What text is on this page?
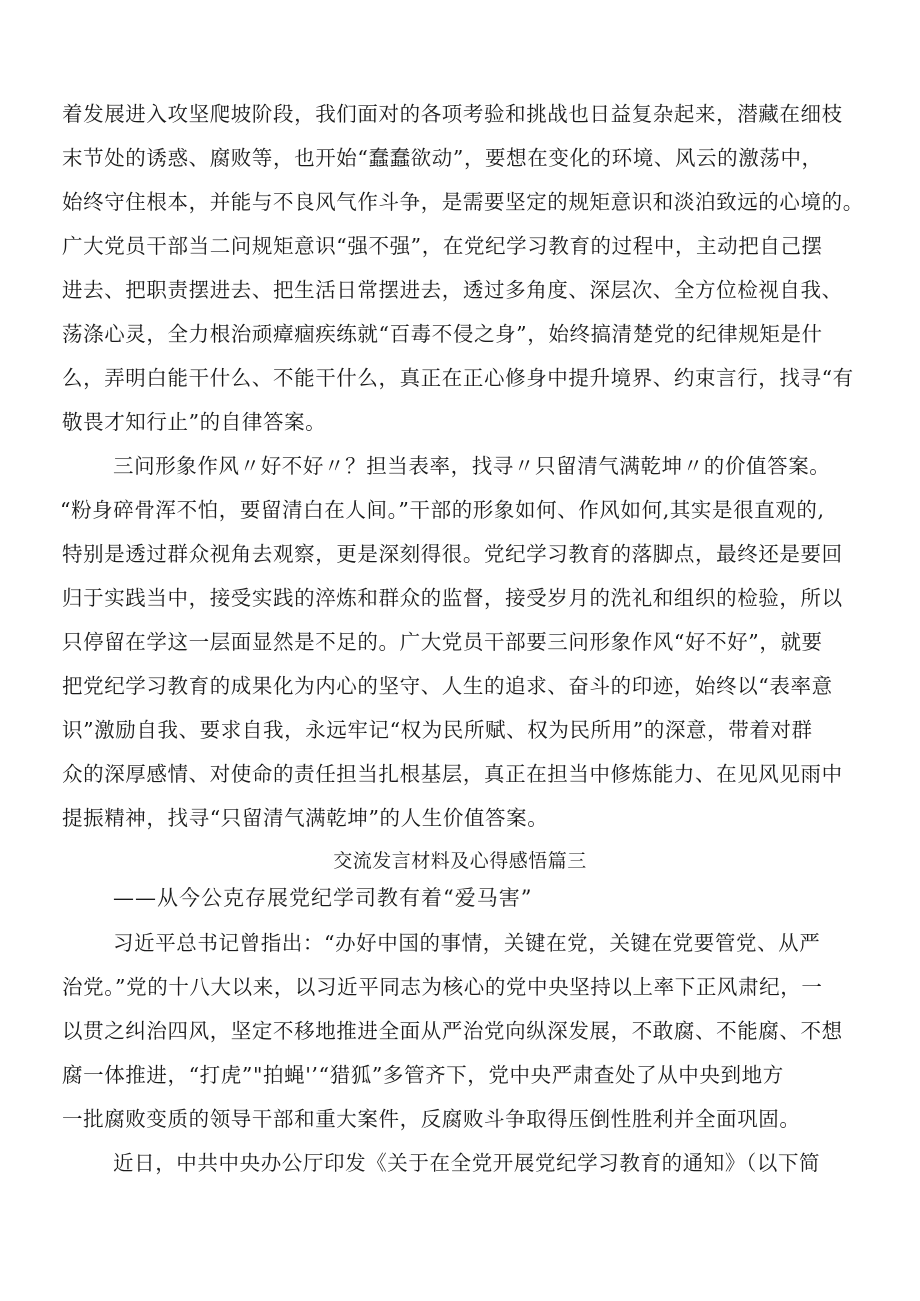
着发展进入攻坚爬坡阶段，我们面对的各项考验和挑战也日益复杂起来，潜藏在细枝
末节处的诱惑、腐败等，也开始“蠢蠢欲动”，要想在变化的环境、风云的激荡中，
始终守住根本，并能与不良风气作斗争，是需要坚定的规矩意识和淡泊致远的心境的。
广大党员干部当二问规矩意识“强不强”，在党纪学习教育的过程中，主动把自己摆
进去、把职责摆进去、把生活日常摆进去，透过多角度、深层次、全方位检视自我、
荡涤心灵，全力根治顽瘴痼疾练就“百毒不侵之身”，始终搞清楚党的纪律规矩是什
么，弄明白能干什么、不能干什么，真正在正心修身中提升境界、约束言行，找寻“有
敬畏才知行止”的自律答案。
三问形象作风〃好不好〃？担当表率，找寻〃只留清气满乾坤〃的价值答案。
“粉身碎骨浑不怕，要留清白在人间。”干部的形象如何、作风如何,其实是很直观的,
特别是透过群众视角去观察，更是深刻得很。党纪学习教育的落脚点，最终还是要回
归于实践当中，接受实践的淬炼和群众的监督，接受岁月的洗礼和组织的检验，所以
只停留在学这一层面显然是不足的。广大党员干部要三问形象作风“好不好”，就要
把党纪学习教育的成果化为内心的坚守、人生的追求、奋斗的印迹，始终以“表率意
识”激励自我、要求自我，永远牢记“权为民所赋、权为民所用”的深意，带着对群
众的深厚感情、对使命的责任担当扎根基层，真正在担当中修炼能力、在见风见雨中
提振精神，找寻“只留清气满乾坤”的人生价值答案。
交流发言材料及心得感悟篇三
——从今公克存展党纪学司教有着“爱马害”
习近平总书记曾指出：“办好中国的事情，关键在党，关键在党要管党、从严
治党。”党的十八大以来，以习近平同志为核心的党中央坚持以上率下正风肃纪，一
以贯之纠治四风，坚定不移地推进全面从严治党向纵深发展，不敢腐、不能腐、不想
腐一体推进，“打虎”"拍蝇'’“猎狐”多管齐下，党中央严肃查处了从中央到地方
一批腐败变质的领导干部和重大案件，反腐败斗争取得压倒性胜利并全面巩固。
近日，中共中央办公厅印发《关于在全党开展党纪学习教育的通知》（以下简
